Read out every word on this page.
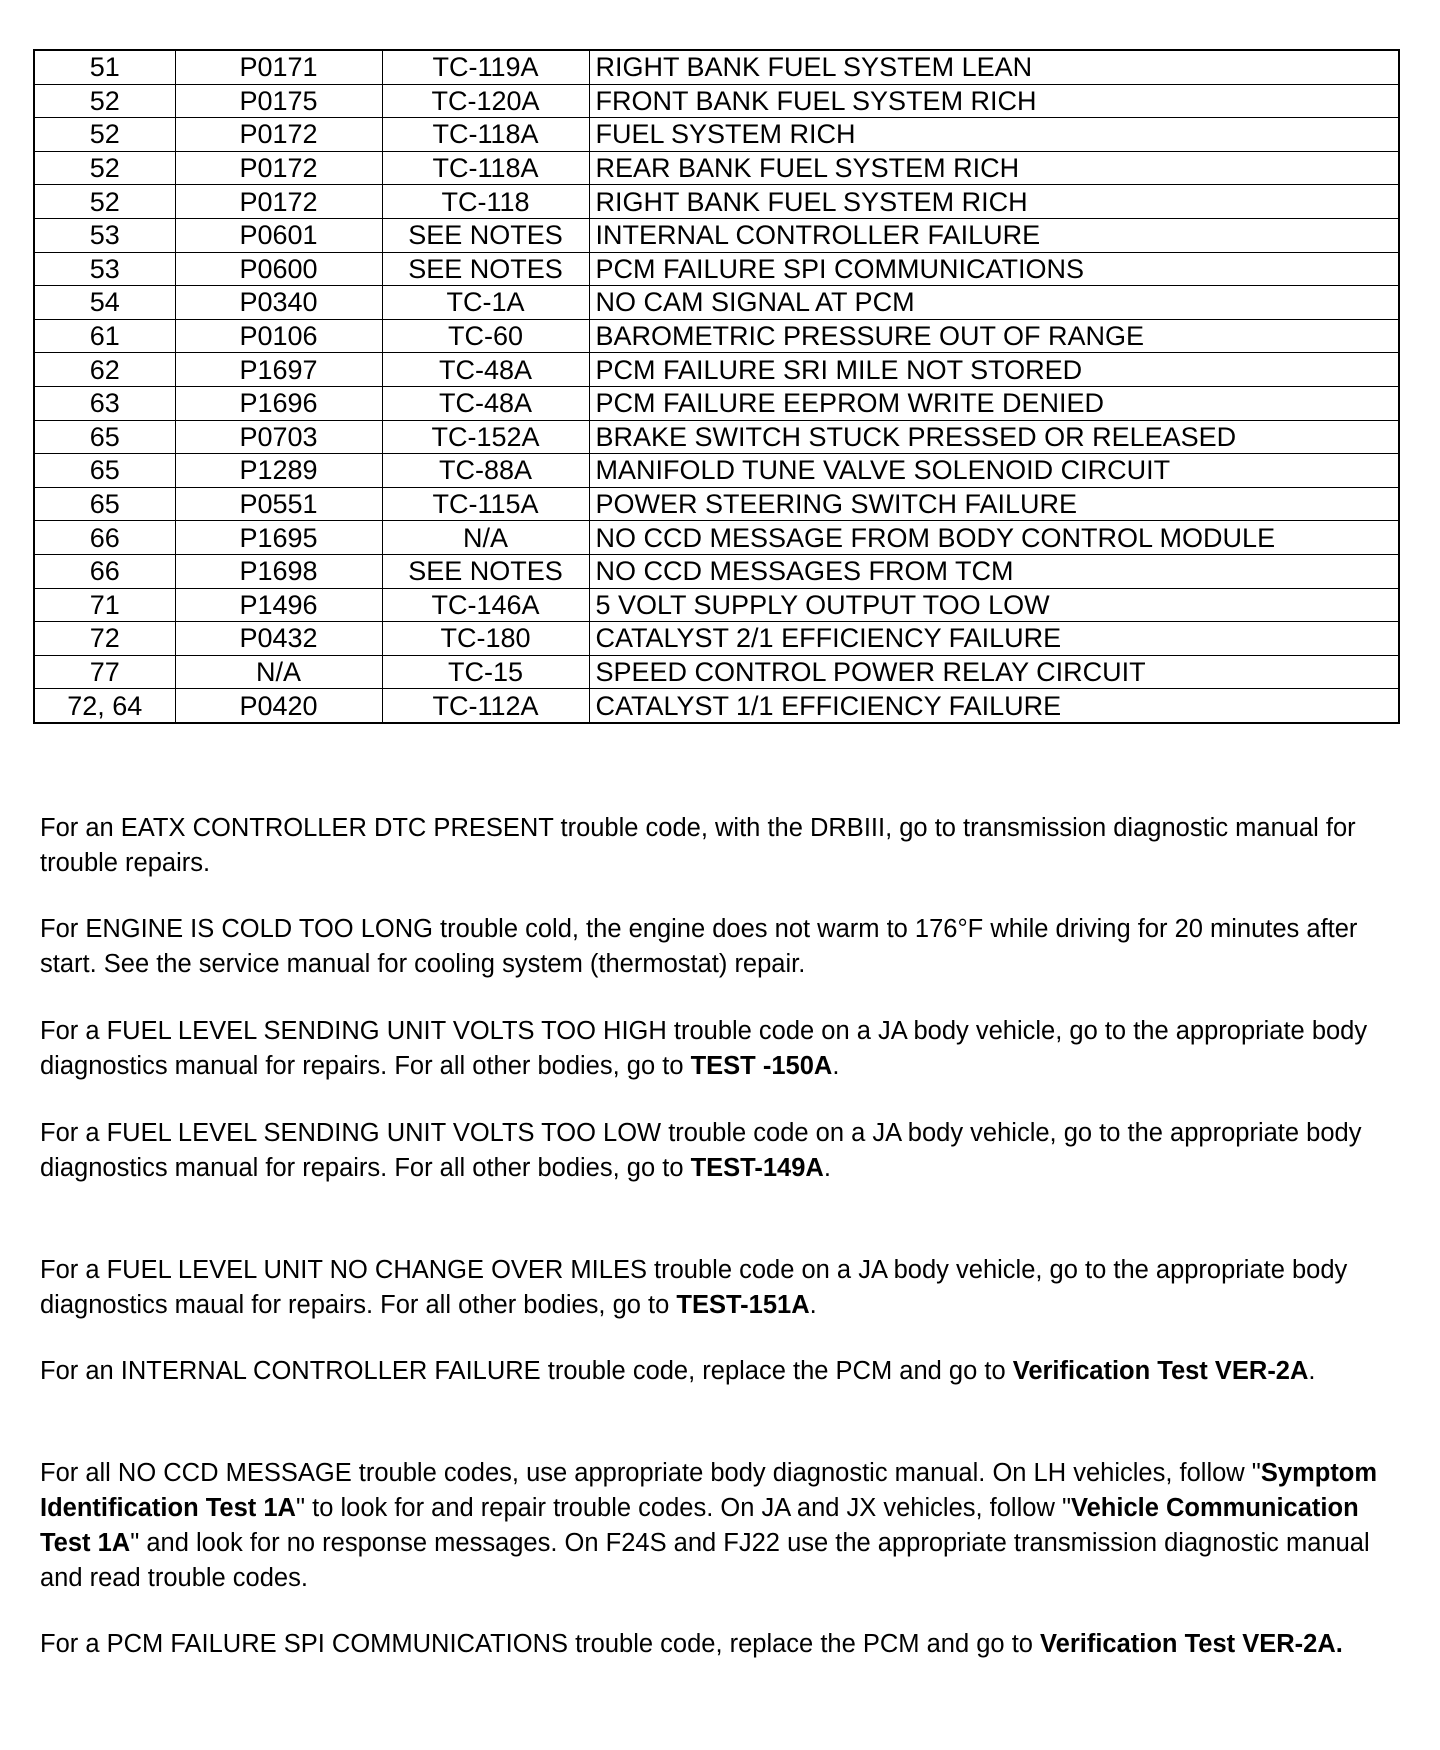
51	P0171	TC-119A	RIGHT BANK FUEL SYSTEM LEAN
52	P0175	TC-120A	FRONT BANK FUEL SYSTEM RICH
52	P0172	TC-118A	FUEL SYSTEM RICH
52	P0172	TC-118A	REAR BANK FUEL SYSTEM RICH
52	P0172	TC-118	RIGHT BANK FUEL SYSTEM RICH
53	P0601	SEE NOTES	INTERNAL CONTROLLER FAILURE
53	P0600	SEE NOTES	PCM FAILURE SPI COMMUNICATIONS
54	P0340	TC-1A	NO CAM SIGNAL AT PCM
61	P0106	TC-60	BAROMETRIC PRESSURE OUT OF RANGE
62	P1697	TC-48A	PCM FAILURE SRI MILE NOT STORED
63	P1696	TC-48A	PCM FAILURE EEPROM WRITE DENIED
65	P0703	TC-152A	BRAKE SWITCH STUCK PRESSED OR RELEASED
65	P1289	TC-88A	MANIFOLD TUNE VALVE SOLENOID CIRCUIT
65	P0551	TC-115A	POWER STEERING SWITCH FAILURE
66	P1695	N/A	NO CCD MESSAGE FROM BODY CONTROL MODULE
66	P1698	SEE NOTES	NO CCD MESSAGES FROM TCM
71	P1496	TC-146A	5 VOLT SUPPLY OUTPUT TOO LOW
72	P0432	TC-180	CATALYST 2/1 EFFICIENCY FAILURE
77	N/A	TC-15	SPEED CONTROL POWER RELAY CIRCUIT
72, 64	P0420	TC-112A	CATALYST 1/1 EFFICIENCY FAILURE

For an EATX CONTROLLER DTC PRESENT trouble code, with the DRBIII, go to transmission diagnostic manual for trouble repairs.

For ENGINE IS COLD TOO LONG trouble cold, the engine does not warm to 176°F while driving for 20 minutes after start. See the service manual for cooling system (thermostat) repair.

For a FUEL LEVEL SENDING UNIT VOLTS TOO HIGH trouble code on a JA body vehicle, go to the appropriate body diagnostics manual for repairs. For all other bodies, go to TEST -150A.

For a FUEL LEVEL SENDING UNIT VOLTS TOO LOW trouble code on a JA body vehicle, go to the appropriate body diagnostics manual for repairs. For all other bodies, go to TEST-149A.

For a FUEL LEVEL UNIT NO CHANGE OVER MILES trouble code on a JA body vehicle, go to the appropriate body diagnostics maual for repairs. For all other bodies, go to TEST-151A.

For an INTERNAL CONTROLLER FAILURE trouble code, replace the PCM and go to Verification Test VER-2A.

For all NO CCD MESSAGE trouble codes, use appropriate body diagnostic manual. On LH vehicles, follow "Symptom Identification Test 1A" to look for and repair trouble codes. On JA and JX vehicles, follow "Vehicle Communication Test 1A" and look for no response messages. On F24S and FJ22 use the appropriate transmission diagnostic manual and read trouble codes.

For a PCM FAILURE SPI COMMUNICATIONS trouble code, replace the PCM and go to Verification Test VER-2A.
